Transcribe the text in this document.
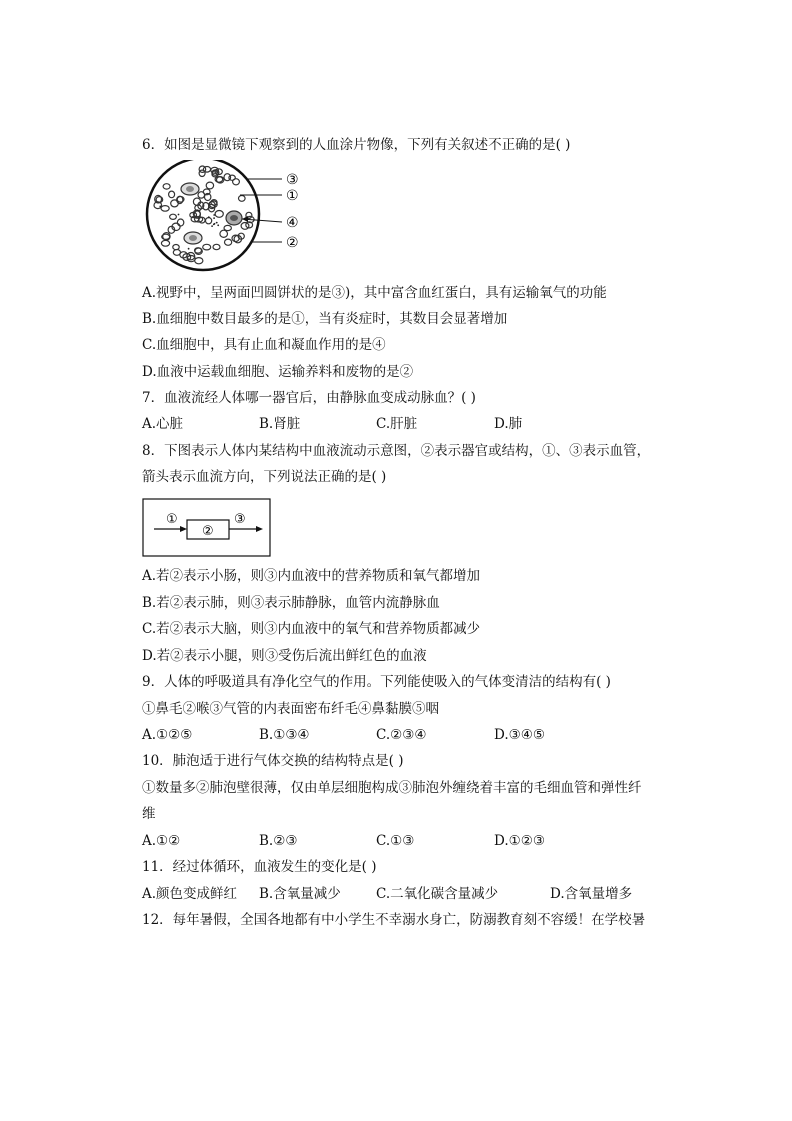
6．如图是显微镜下观察到的人血涂片物像，下列有关叙述不正确的是( )
③
①
④
②
A.视野中，呈两面凹圆饼状的是③)，其中富含血红蛋白，具有运输氧气的功能
B.血细胞中数目最多的是①，当有炎症时，其数目会显著增加
C.血细胞中，具有止血和凝血作用的是④
D.血液中运载血细胞、运输养料和废物的是②
7．血液流经人体哪一器官后，由静脉血变成动脉血？( )
A.心脏	B.肾脏	C.肝脏	D.肺
8．下图表示人体内某结构中血液流动示意图，②表示器官或结构，①、③表示血管，
箭头表示血流方向，下列说法正确的是( )
①
②
③
A.若②表示小肠，则③内血液中的营养物质和氧气都增加
B.若②表示肺，则③表示肺静脉，血管内流静脉血
C.若②表示大脑，则③内血液中的氧气和营养物质都减少
D.若②表示小腿，则③受伤后流出鲜红色的血液
9．人体的呼吸道具有净化空气的作用。下列能使吸入的气体变清洁的结构有( )
①鼻毛②喉③气管的内表面密布纤毛④鼻黏膜⑤咽
A.①②⑤	B.①③④	C.②③④	D.③④⑤
10．肺泡适于进行气体交换的结构特点是( )
①数量多②肺泡壁很薄，仅由单层细胞构成③肺泡外缠绕着丰富的毛细血管和弹性纤
维
A.①②	B.②③	C.①③	D.①②③
11．经过体循环，血液发生的变化是( )
A.颜色变成鲜红 B.含氧量减少	C.二氧化碳含量减少	D.含氧量增多
12．每年暑假，全国各地都有中小学生不幸溺水身亡，防溺教育刻不容缓！在学校暑
